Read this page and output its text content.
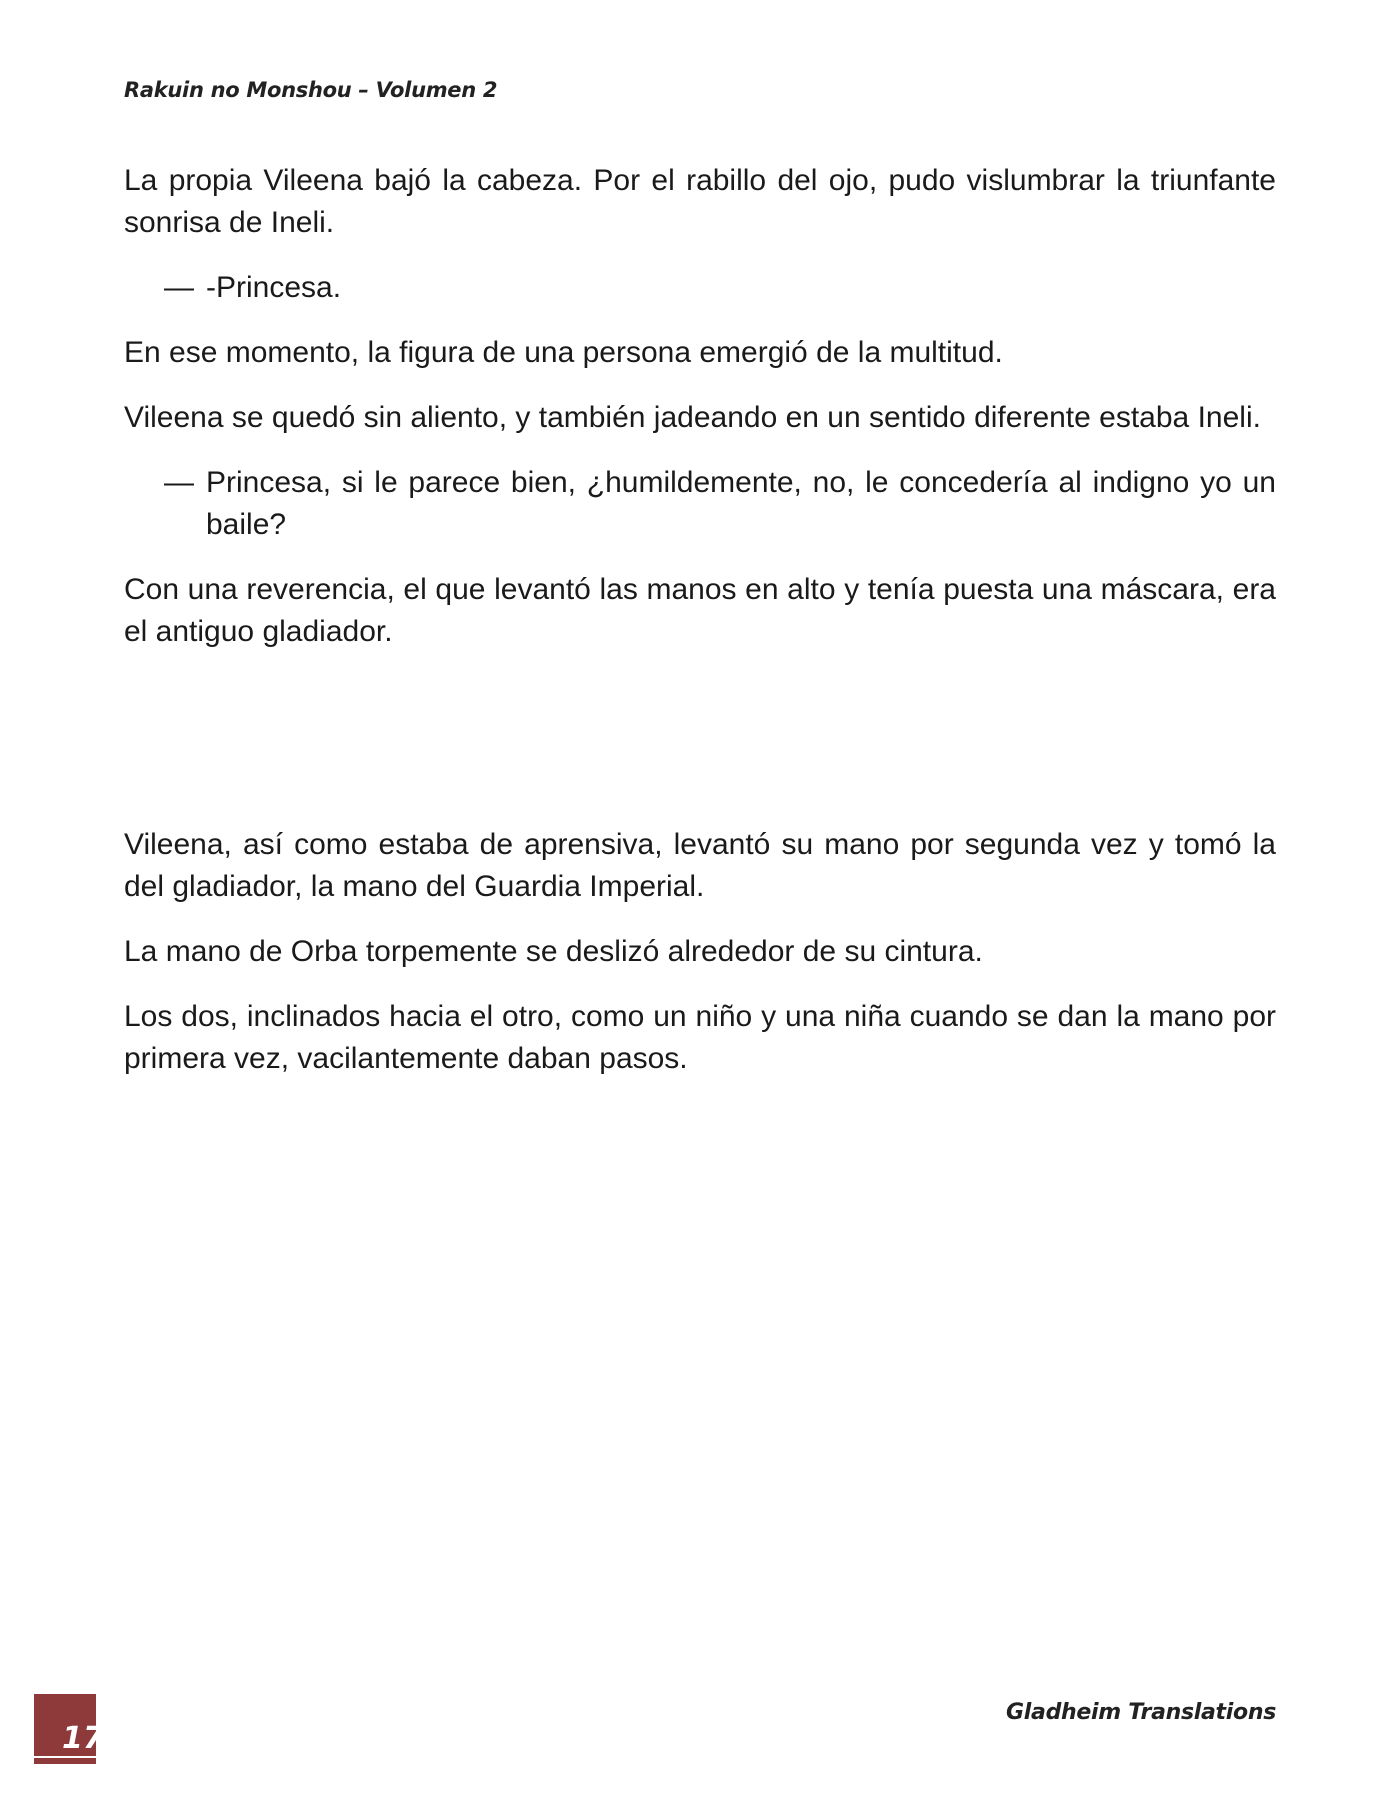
Rakuin no Monshou – Volumen 2

La propia Vileena bajó la cabeza. Por el rabillo del ojo, pudo vislumbrar la triunfante sonrisa de Ineli.

— -Princesa.

En ese momento, la figura de una persona emergió de la multitud.

Vileena se quedó sin aliento, y también jadeando en un sentido diferente estaba Ineli.

— Princesa, si le parece bien, ¿humildemente, no, le concedería al indigno yo un baile?

Con una reverencia, el que levantó las manos en alto y tenía puesta una máscara, era el antiguo gladiador.

Vileena, así como estaba de aprensiva, levantó su mano por segunda vez y tomó la del gladiador, la mano del Guardia Imperial.

La mano de Orba torpemente se deslizó alrededor de su cintura.

Los dos, inclinados hacia el otro, como un niño y una niña cuando se dan la mano por primera vez, vacilantemente daban pasos.

17
Gladheim Translations
